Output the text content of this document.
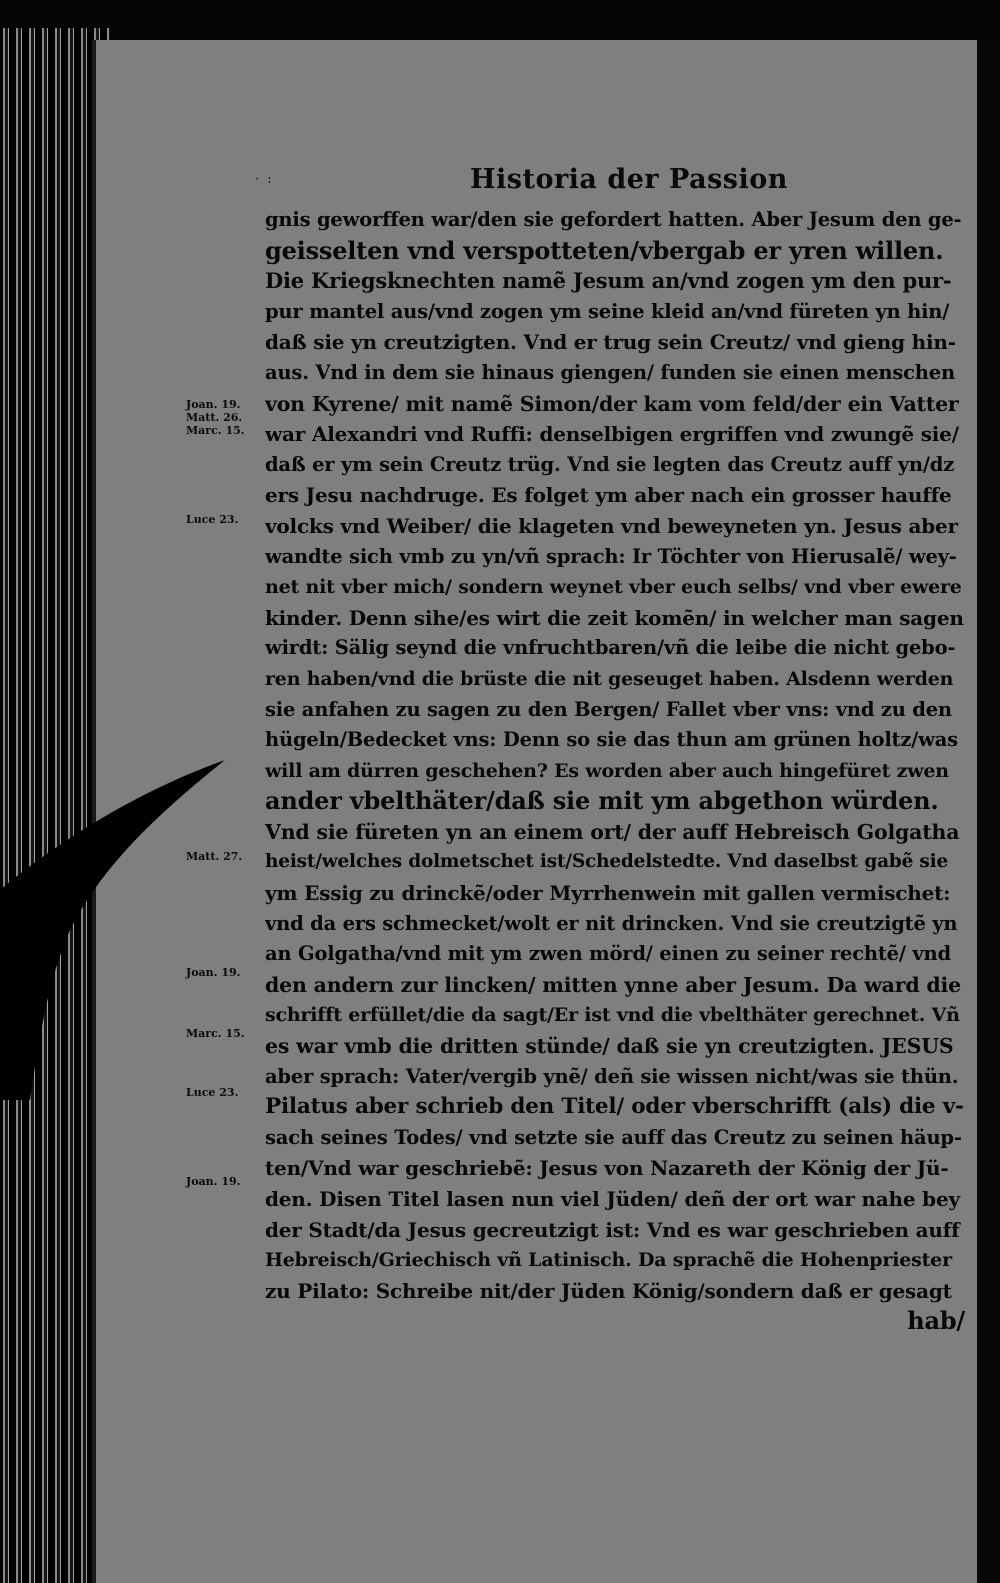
· :	Historia der Passion
gnis geworffen war/den sie gefordert hatten. Aber Jesum den ge-
geisselten vnd verspotteten/vbergab er yren willen.
Die Kriegsknechten namẽ Jesum an/vnd zogen ym den pur-
pur mantel aus/vnd zogen ym seine kleid an/vnd füreten yn hin/
daß sie yn creutzigten. Vnd er trug sein Creutz/ vnd gieng hin-
aus. Vnd in dem sie hinaus giengen/ funden sie einen menschen
von Kyrene/ mit namẽ Simon/der kam vom feld/der ein Vatter
war Alexandri vnd Ruffi: denselbigen ergriffen vnd zwungẽ sie/
daß er ym sein Creutz trüg. Vnd sie legten das Creutz auff yn/dz
ers Jesu nachdruge. Es folget ym aber nach ein grosser hauffe
volcks vnd Weiber/ die klageten vnd beweyneten yn. Jesus aber
wandte sich vmb zu yn/vñ sprach: Ir Töchter von Hierusalẽ/ wey-
net nit vber mich/ sondern weynet vber euch selbs/ vnd vber ewere
kinder. Denn sihe/es wirt die zeit komẽn/ in welcher man sagen
wirdt: Sälig seynd die vnfruchtbaren/vñ die leibe die nicht gebo-
ren haben/vnd die brüste die nit geseuget haben. Alsdenn werden
sie anfahen zu sagen zu den Bergen/ Fallet vber vns: vnd zu den
hügeln/Bedecket vns: Denn so sie das thun am grünen holtz/was
will am dürren geschehen? Es worden aber auch hingefüret zwen
ander vbelthäter/daß sie mit ym abgethon würden.
Vnd sie füreten yn an einem ort/ der auff Hebreisch Golgatha
heist/welches dolmetschet ist/Schedelstedte. Vnd daselbst gabẽ sie
ym Essig zu drinckẽ/oder Myrrhenwein mit gallen vermischet:
vnd da ers schmecket/wolt er nit drincken. Vnd sie creutzigtẽ yn
an Golgatha/vnd mit ym zwen mörd/ einen zu seiner rechtẽ/ vnd
den andern zur lincken/ mitten ynne aber Jesum. Da ward die
schrifft erfüllet/die da sagt/Er ist vnd die vbelthäter gerechnet. Vñ
es war vmb die dritten stünde/ daß sie yn creutzigten. JESUS
aber sprach: Vater/vergib ynẽ/ deñ sie wissen nicht/was sie thün.
Pilatus aber schrieb den Titel/ oder vberschrifft (als) die v-
sach seines Todes/ vnd setzte sie auff das Creutz zu seinen häup-
ten/Vnd war geschriebẽ: Jesus von Nazareth der König der Jü-
den. Disen Titel lasen nun viel Jüden/ deñ der ort war nahe bey
der Stadt/da Jesus gecreutzigt ist: Vnd es war geschrieben auff
Hebreisch/Griechisch vñ Latinisch. Da sprachẽ die Hohenpriester
zu Pilato: Schreibe nit/der Jüden König/sondern daß er gesagt
hab/
Joan. 19.
Matt. 26.
Marc. 15.
Luce 23.
Matt. 27.
Joan. 19.
Marc. 15.
Luce 23.
Joan. 19.
